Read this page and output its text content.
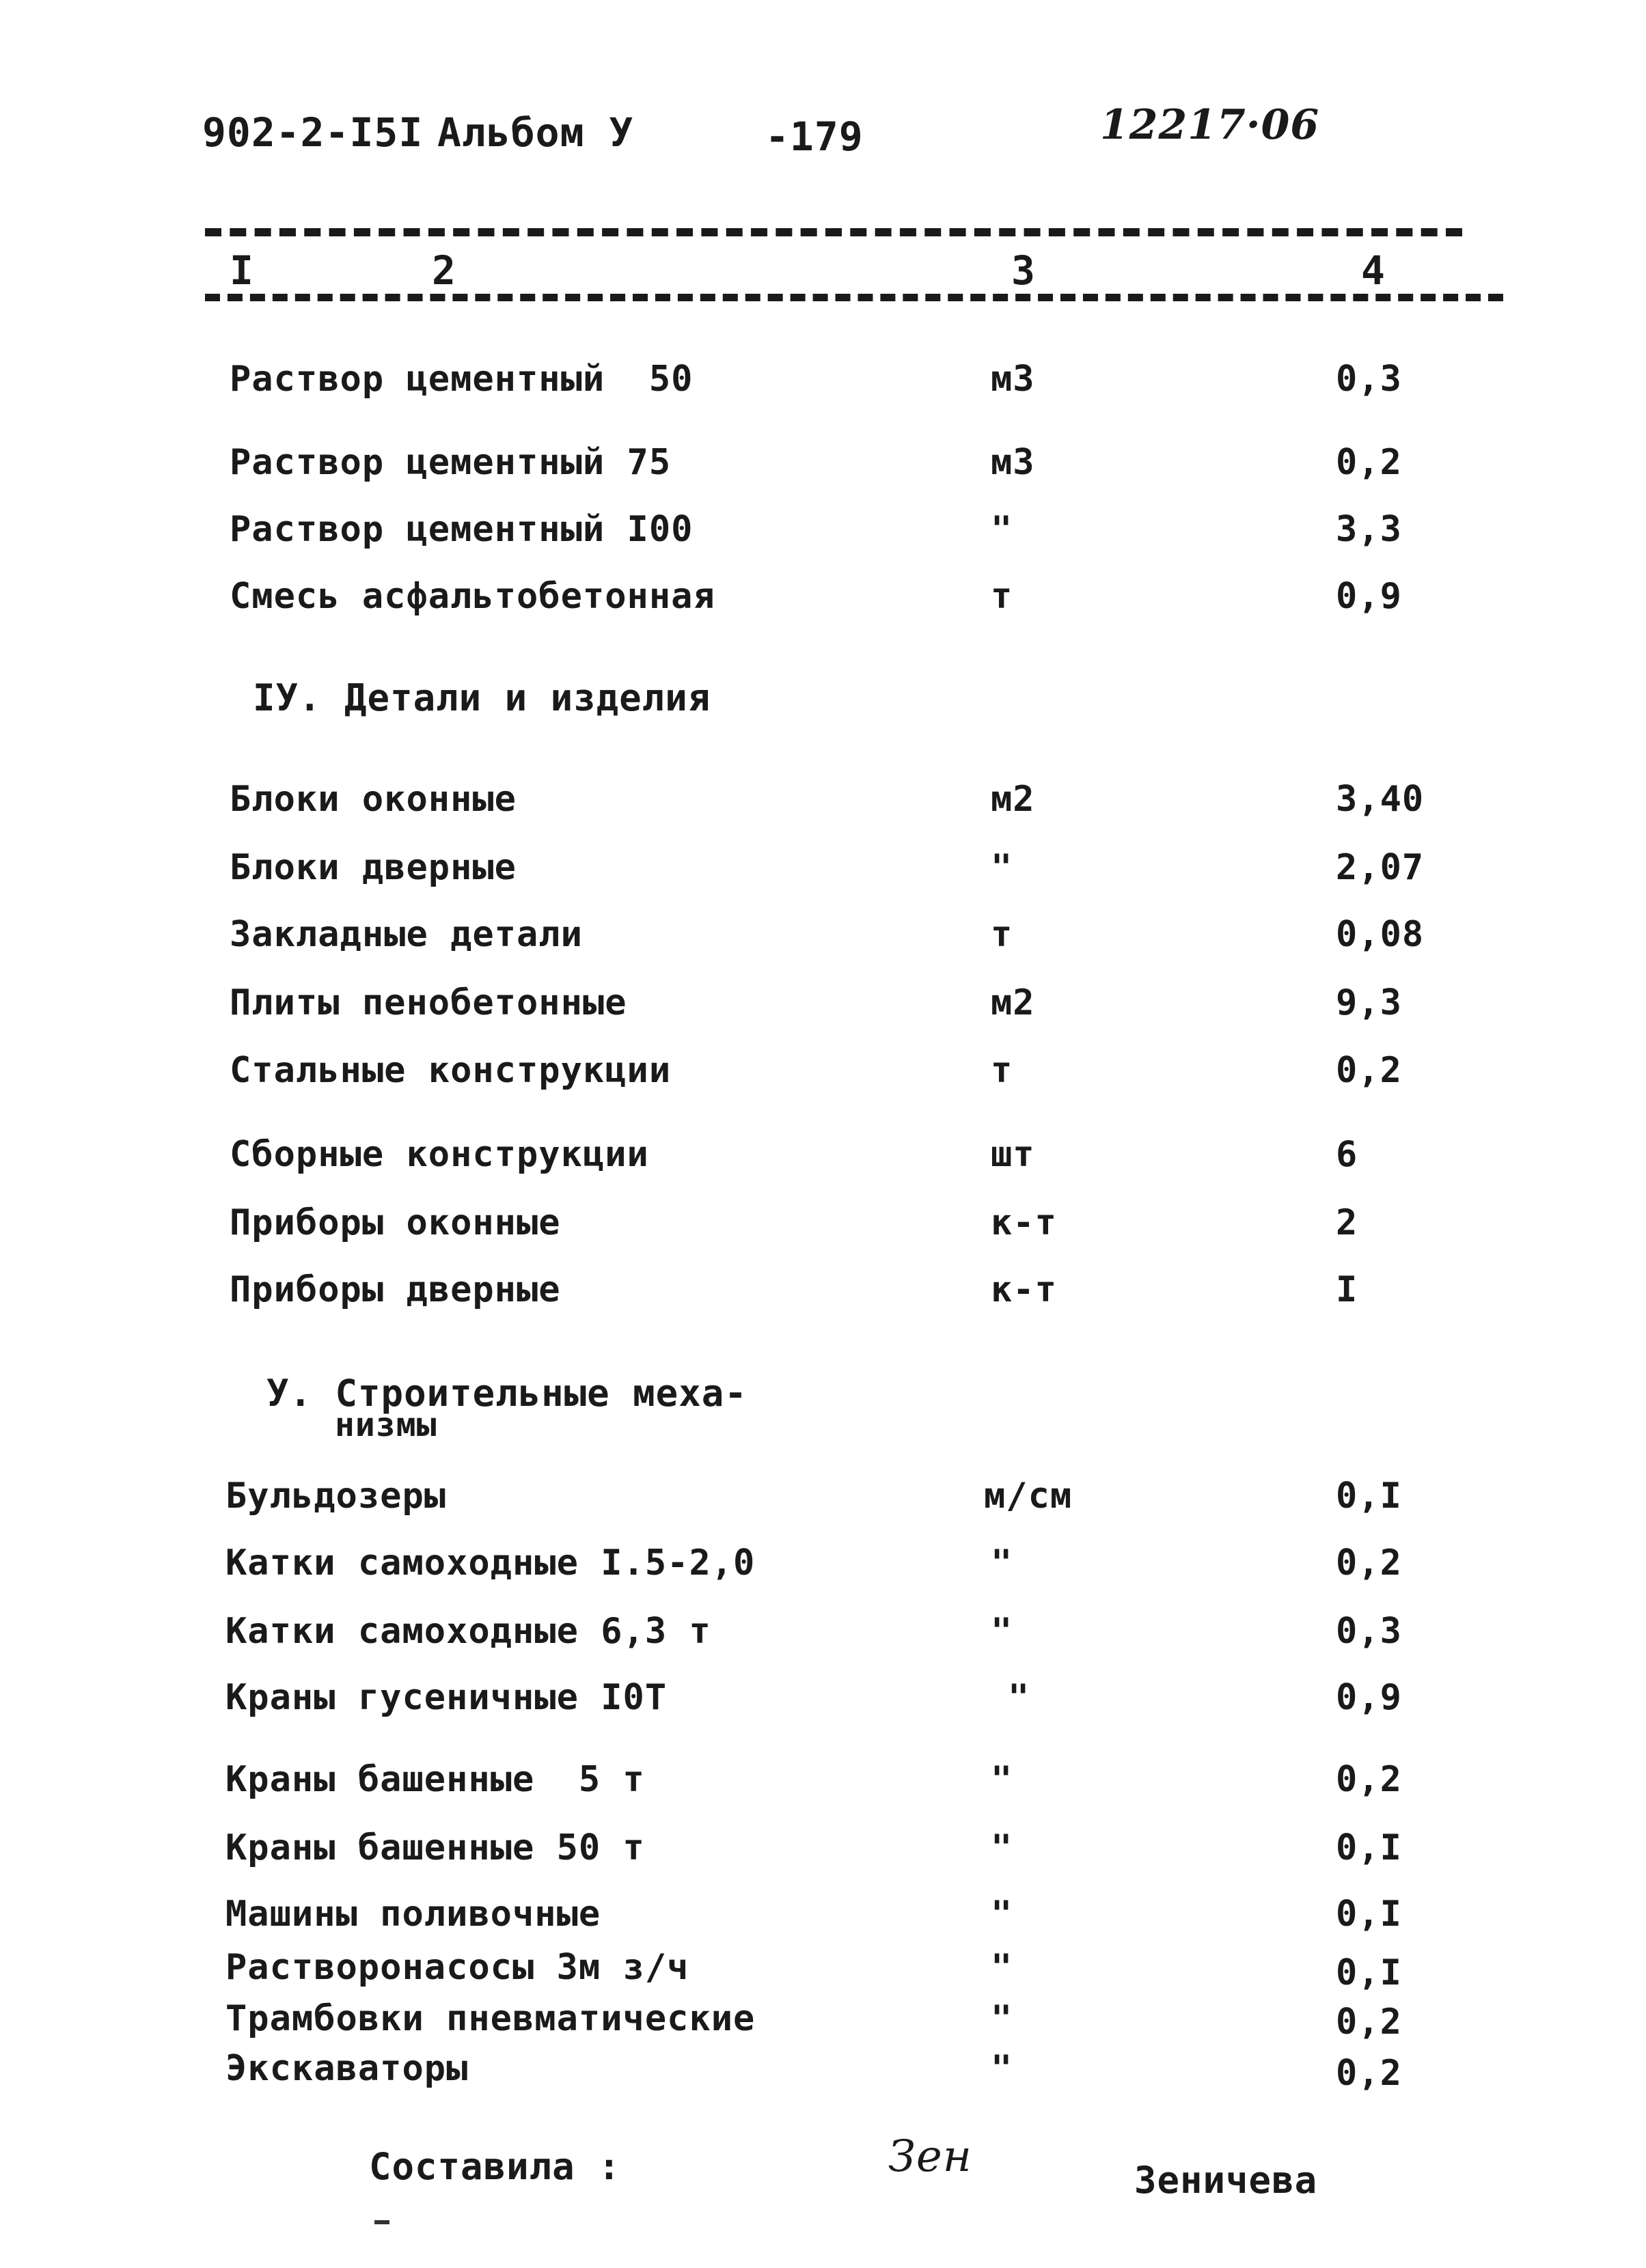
902-2-I5I Альбом У	-179	12217·06
I	2	3	4
Раствор цементный  50	м3	0,3
Раствор цементный 75	м3	0,2
Раствор цементный I00	"	3,3
Смесь асфальтобетонная	т	0,9
IУ. Детали и изделия
Блоки оконные	м2	3,40
Блоки дверные	"	2,07
Закладные детали	т	0,08
Плиты пенобетонные	м2	9,3
Стальные конструкции	т	0,2
Сборные конструкции	шт	6
Приборы оконные	к-т	2
Приборы дверные	к-т	I
У. Строительные меха-
низмы
Бульдозеры	м/см	0,I
Катки самоходные I.5-2,0	"	0,2
Катки самоходные 6,3 т	"	0,3
Краны гусеничные I0Т	"	0,9
Краны башенные  5 т	"	0,2
Краны башенные 50 т	"	0,I
Машины поливочные	"	0,I
Растворонасосы 3м з/ч	"	0,I
Трамбовки пневматические	"	0,2
Экскаваторы	"	0,2
Составила :	Зен	Зеничева
